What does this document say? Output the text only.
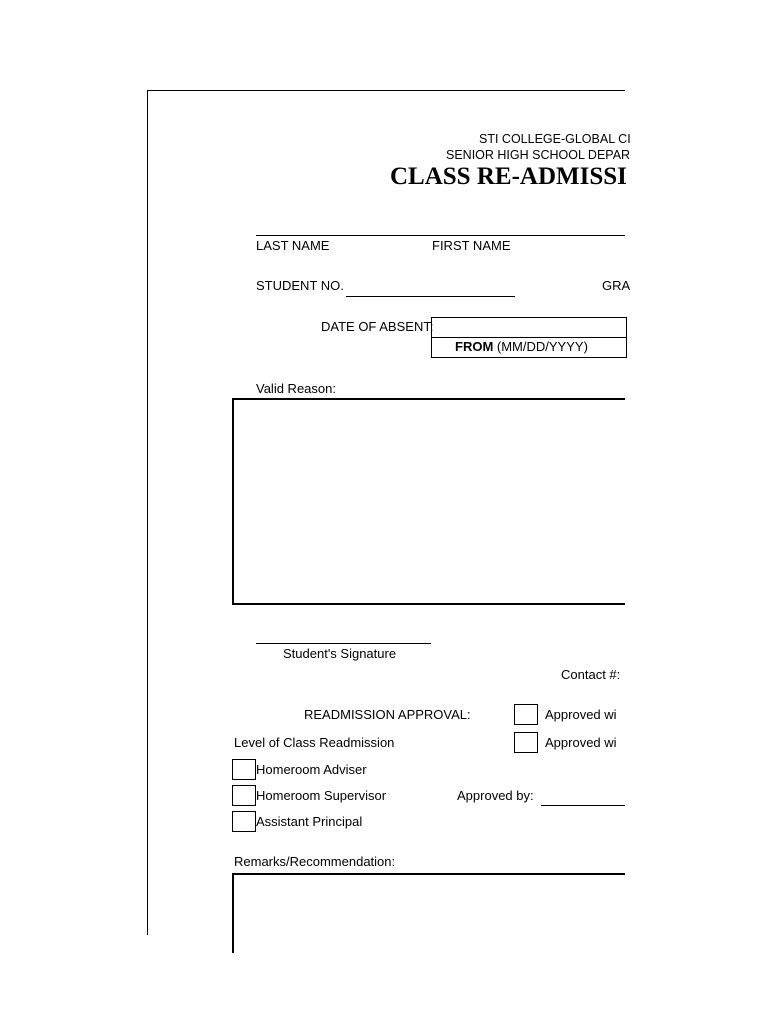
STI COLLEGE-GLOBAL CI
SENIOR HIGH SCHOOL DEPAR
CLASS RE-ADMISSI
LAST NAME	FIRST NAME
STUDENT NO.	GRA
DATE OF ABSENT:
FROM (MM/DD/YYYY)
Valid Reason:
Student's Signature
Contact #:
READMISSION APPROVAL:	Approved wi
Level of Class Readmission	Approved wi
Homeroom Adviser
Homeroom Supervisor	Approved by:
Assistant Principal
Remarks/Recommendation:
